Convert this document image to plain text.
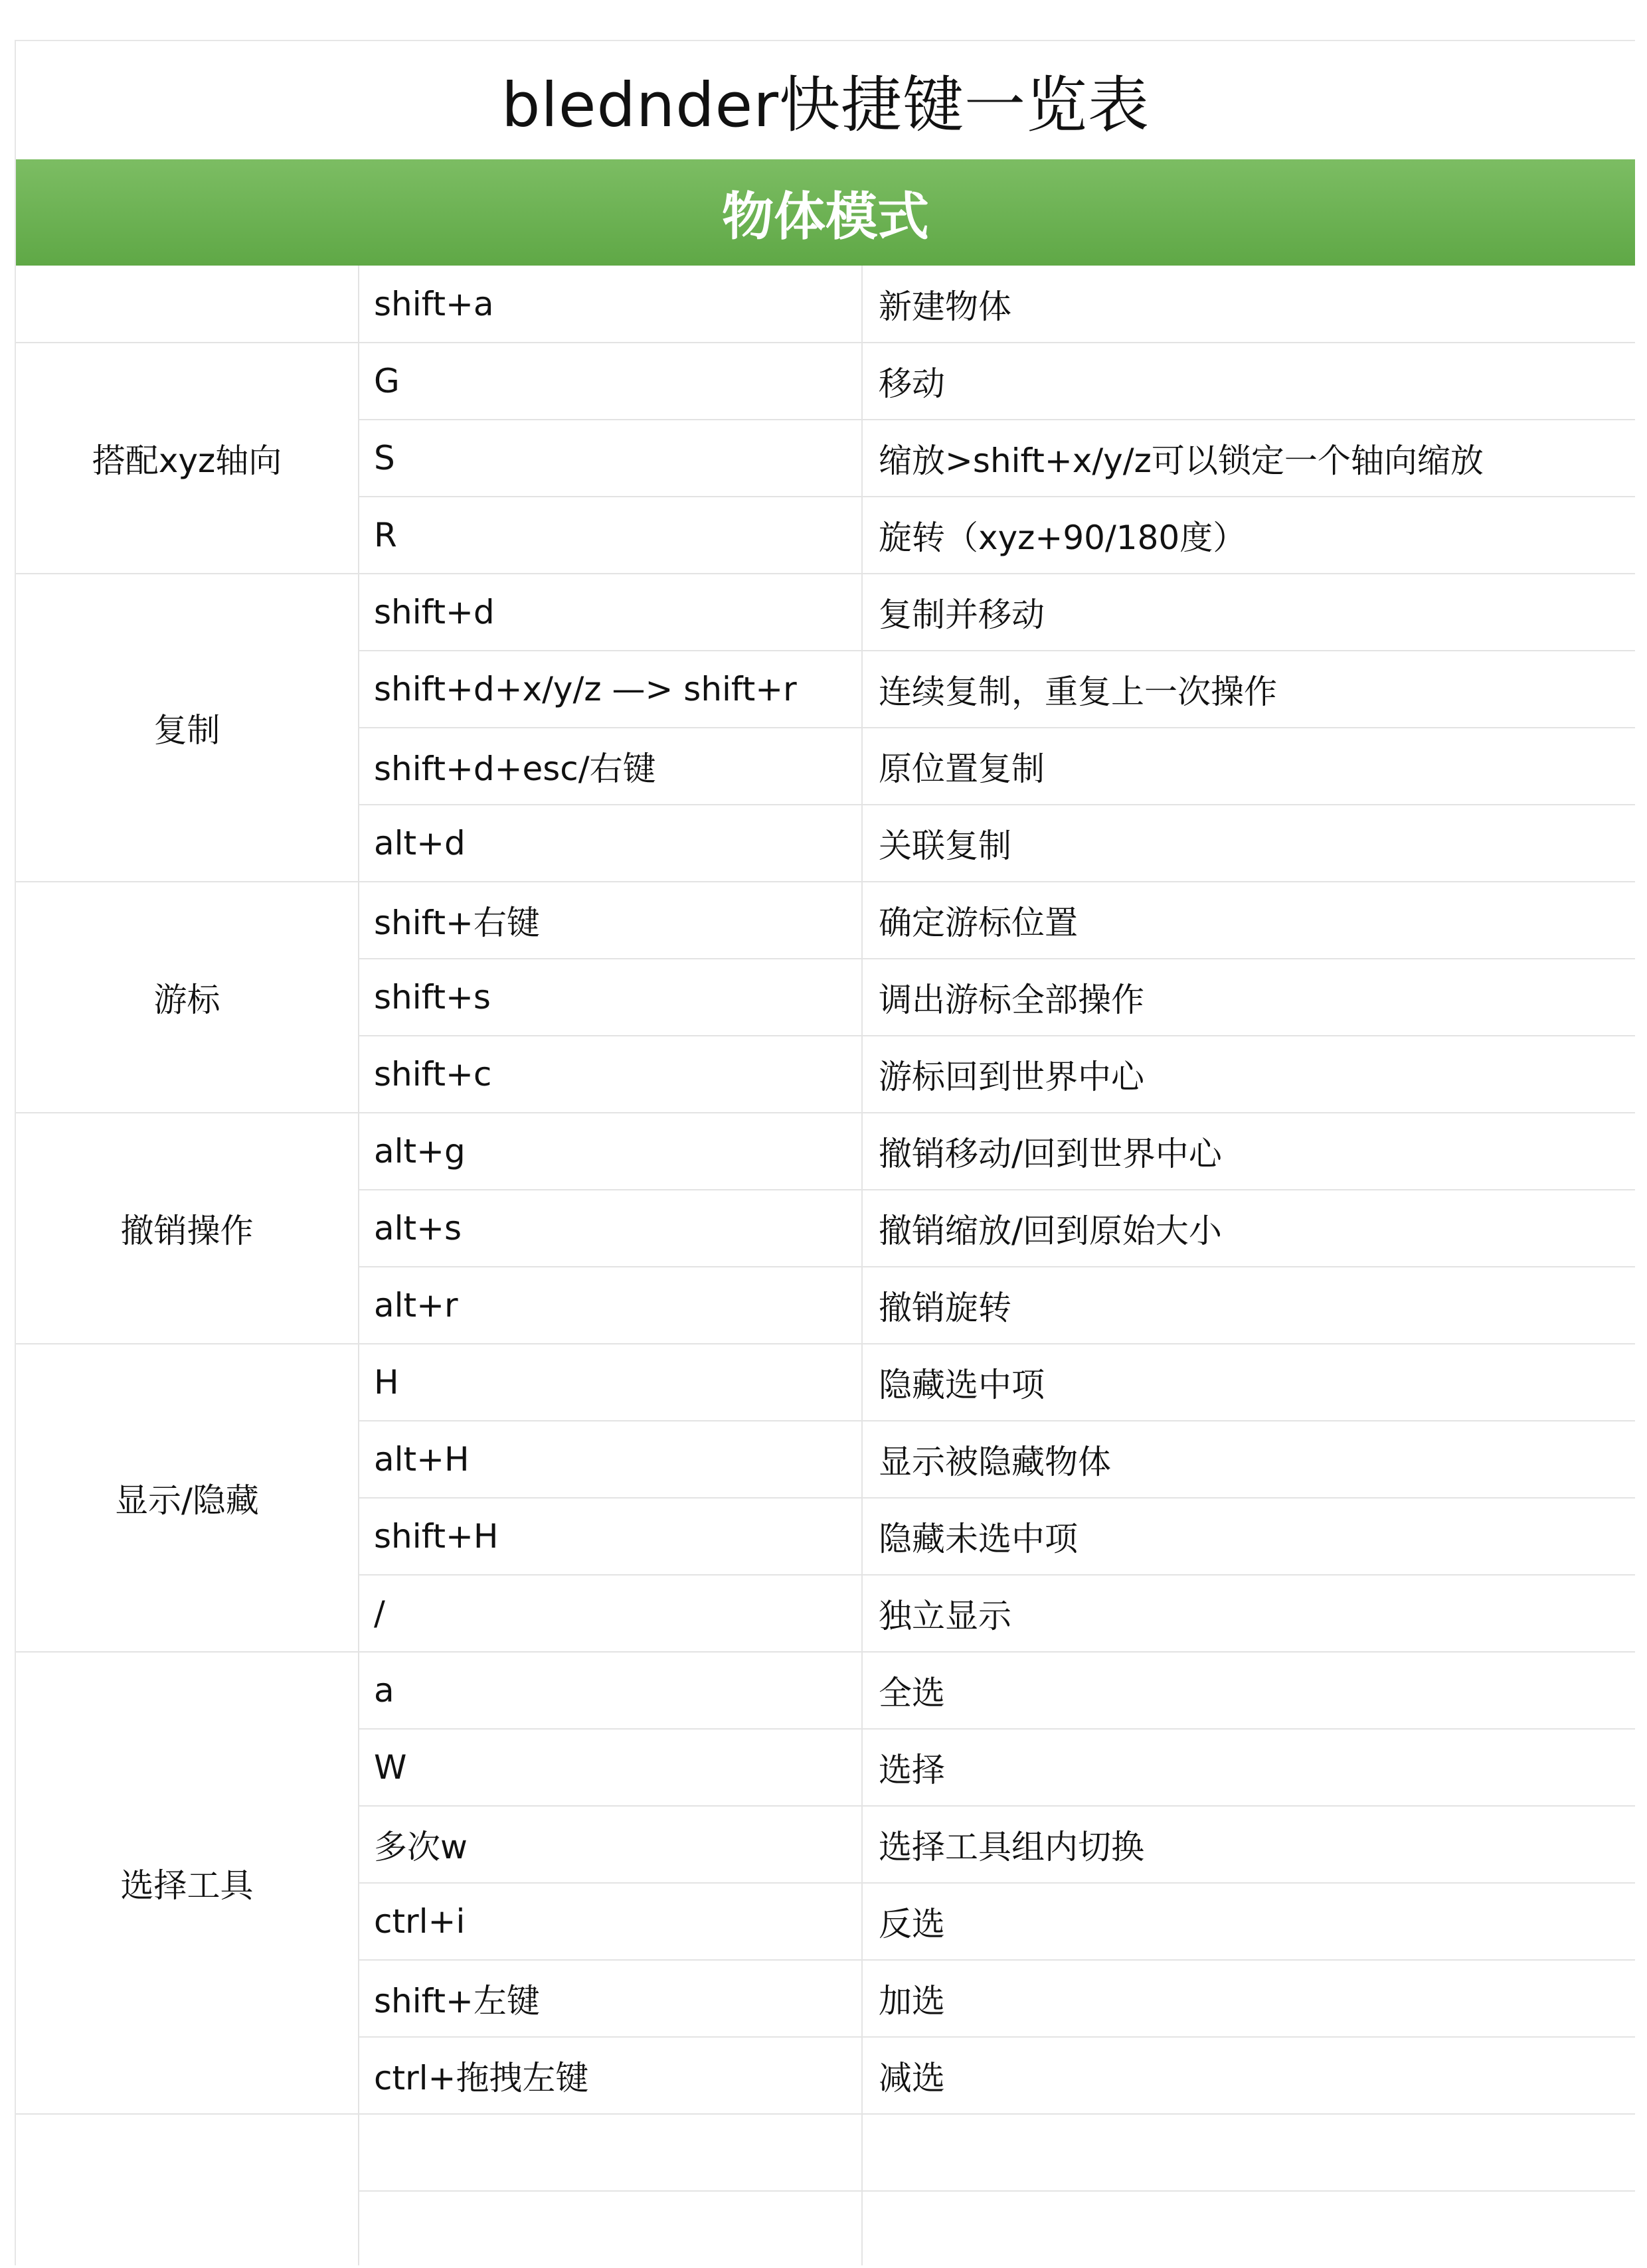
blednder快捷键一览表
物体模式
	shift+a	新建物体
搭配xyz轴向	G	移动
	S	缩放>shift+x/y/z可以锁定一个轴向缩放
	R	旋转（xyz+90/180度）
复制	shift+d	复制并移动
	shift+d+x/y/z —> shift+r	连续复制，重复上一次操作
	shift+d+esc/右键	原位置复制
	alt+d	关联复制
游标	shift+右键	确定游标位置
	shift+s	调出游标全部操作
	shift+c	游标回到世界中心
撤销操作	alt+g	撤销移动/回到世界中心
	alt+s	撤销缩放/回到原始大小
	alt+r	撤销旋转
显示/隐藏	H	隐藏选中项
	alt+H	显示被隐藏物体
	shift+H	隐藏未选中项
	/	独立显示
选择工具	a	全选
	W	选择
	多次w	选择工具组内切换
	ctrl+i	反选
	shift+左键	加选
	ctrl+拖拽左键	减选
